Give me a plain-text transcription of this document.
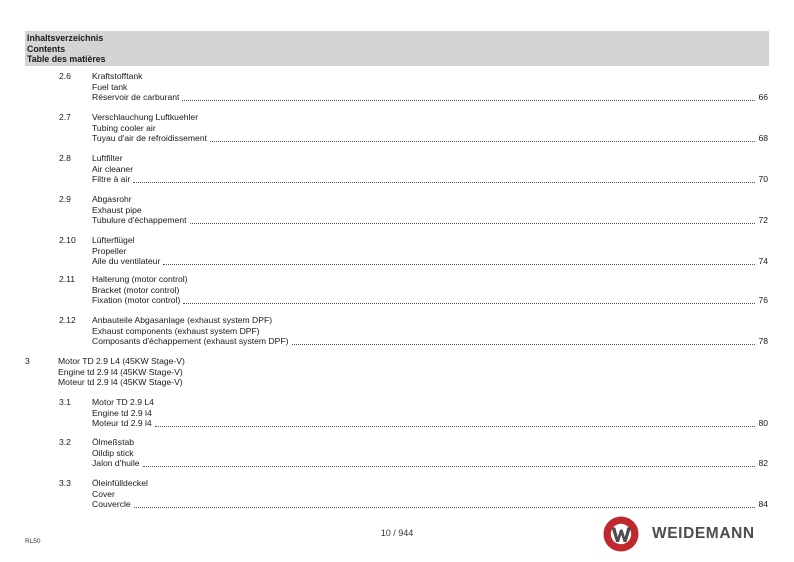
Inhaltsverzeichnis
Contents
Table des matières
2.6 Kraftstofftank
Fuel tank
Réservoir de carburant	66
2.7 Verschlauchung Luftkuehler
Tubing cooler air
Tuyau d'air de refroidissement	68
2.8 Luftfilter
Air cleaner
Filtre à air	70
2.9 Abgasrohr
Exhaust pipe
Tubulure d'échappement	72
2.10 Lüfterflügel
Propeller
Aile du ventilateur	74
2.11 Halterung (motor control)
Bracket (motor control)
Fixation (motor control)	76
2.12 Anbauteile Abgasanlage (exhaust system DPF)
Exhaust components (exhaust system DPF)
Composants d'échappement (exhaust system DPF)	78
3	Motor TD 2.9 L4 (45KW Stage-V)
Engine td 2.9 l4 (45KW Stage-V)
Moteur td 2.9 l4 (45KW Stage-V)
3.1 Motor TD 2.9 L4
Engine td 2.9 l4
Moteur td 2.9 l4	80
3.2 Ölmeßstab
Oildip stick
Jalon d'huile	82
3.3 Öleinfülldeckel
Cover
Couvercle	84
RL50
10 / 944	WEIDEMANN
